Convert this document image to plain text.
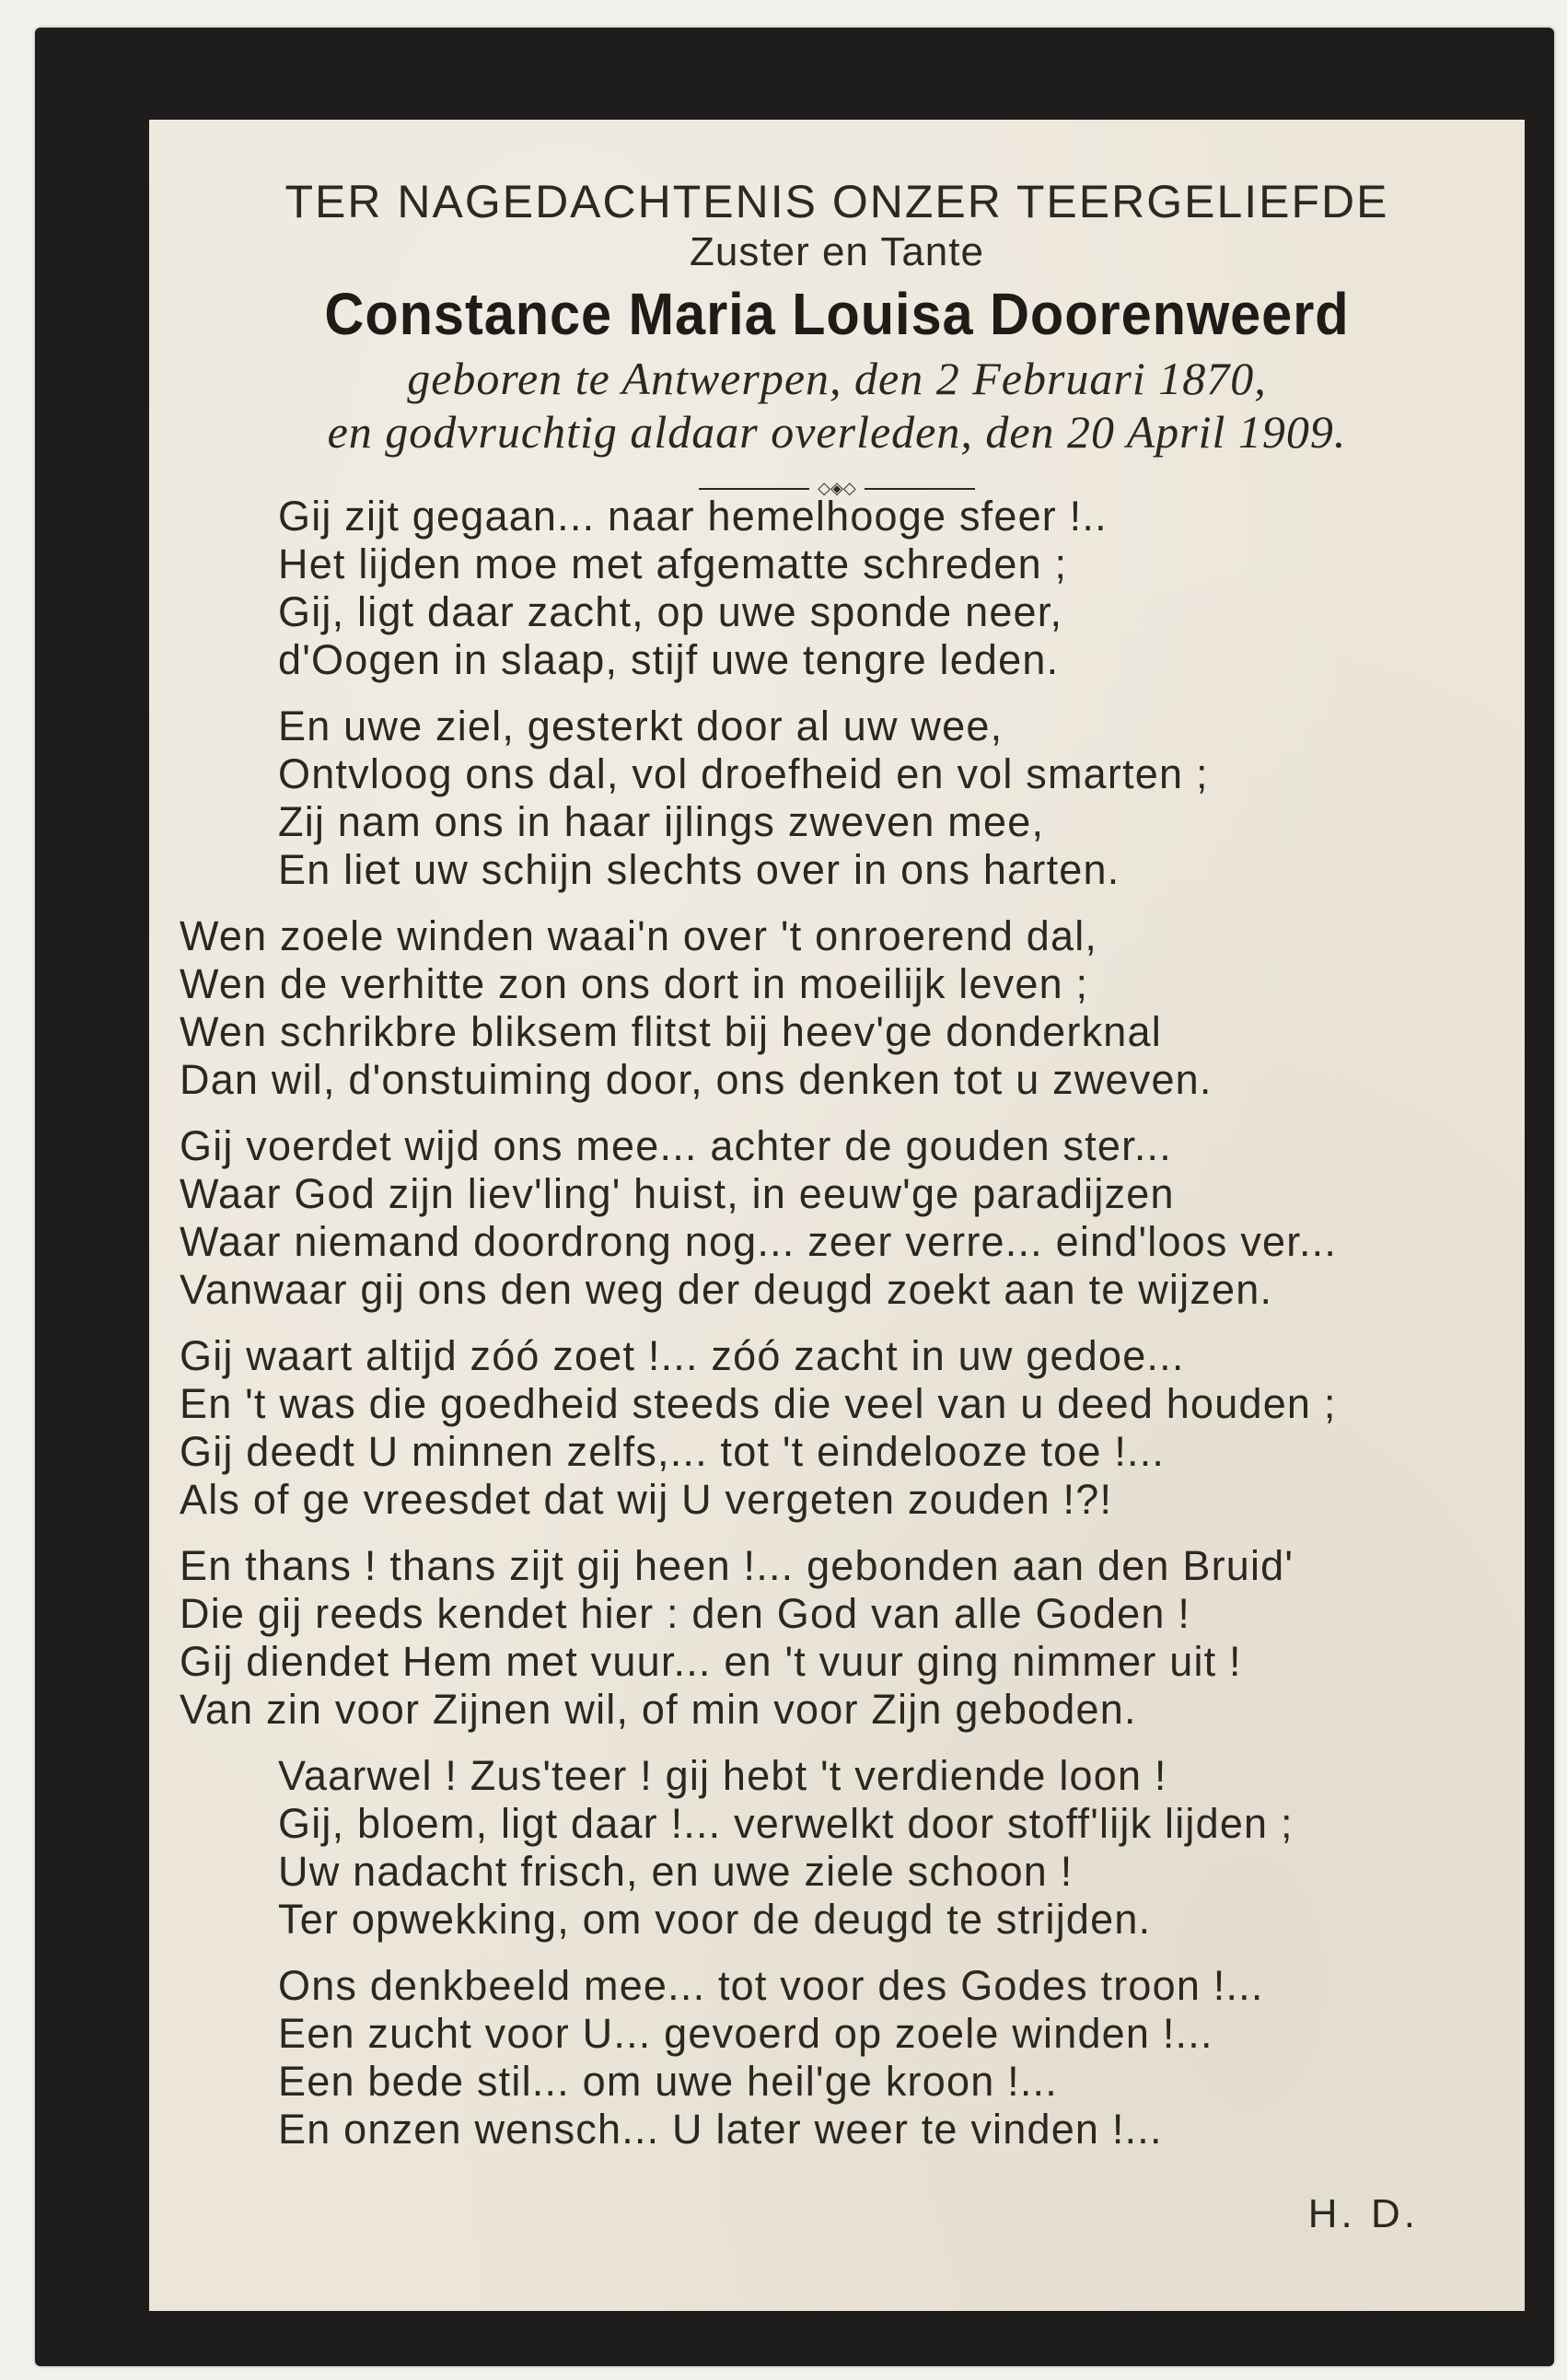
TER NAGEDACHTENIS ONZER TEERGELIEFDE
Zuster en Tante
Constance Maria Louisa Doorenweerd
geboren te Antwerpen, den 2 Februari 1870,
en godvruchtig aldaar overleden, den 20 April 1909.
◇◈◇
Gij zijt gegaan... naar hemelhooge sfeer !..
Het lijden moe met afgematte schreden ;
Gij, ligt daar zacht, op uwe sponde neer,
d'Oogen in slaap, stijf uwe tengre leden.
En uwe ziel, gesterkt door al uw wee,
Ontvloog ons dal, vol droefheid en vol smarten ;
Zij nam ons in haar ijlings zweven mee,
En liet uw schijn slechts over in ons harten.
Wen zoele winden waai'n over 't onroerend dal,
Wen de verhitte zon ons dort in moeilijk leven ;
Wen schrikbre bliksem flitst bij heev'ge donderknal
Dan wil, d'onstuiming door, ons denken tot u zweven.
Gij voerdet wijd ons mee... achter de gouden ster...
Waar God zijn liev'ling' huist, in eeuw'ge paradijzen
Waar niemand doordrong nog... zeer verre... eind'loos ver...
Vanwaar gij ons den weg der deugd zoekt aan te wijzen.
Gij waart altijd zóó zoet !... zóó zacht in uw gedoe...
En 't was die goedheid steeds die veel van u deed houden ;
Gij deedt U minnen zelfs,... tot 't eindelooze toe !...
Als of ge vreesdet dat wij U vergeten zouden !?!
En thans ! thans zijt gij heen !... gebonden aan den Bruid'
Die gij reeds kendet hier : den God van alle Goden !
Gij diendet Hem met vuur... en 't vuur ging nimmer uit !
Van zin voor Zijnen wil, of min voor Zijn geboden.
Vaarwel ! Zus'teer ! gij hebt 't verdiende loon !
Gij, bloem, ligt daar !... verwelkt door stoff'lijk lijden ;
Uw nadacht frisch, en uwe ziele schoon !
Ter opwekking, om voor de deugd te strijden.
Ons denkbeeld mee... tot voor des Godes troon !...
Een zucht voor U... gevoerd op zoele winden !...
Een bede stil... om uwe heil'ge kroon !...
En onzen wensch... U later weer te vinden !...
H. D.
